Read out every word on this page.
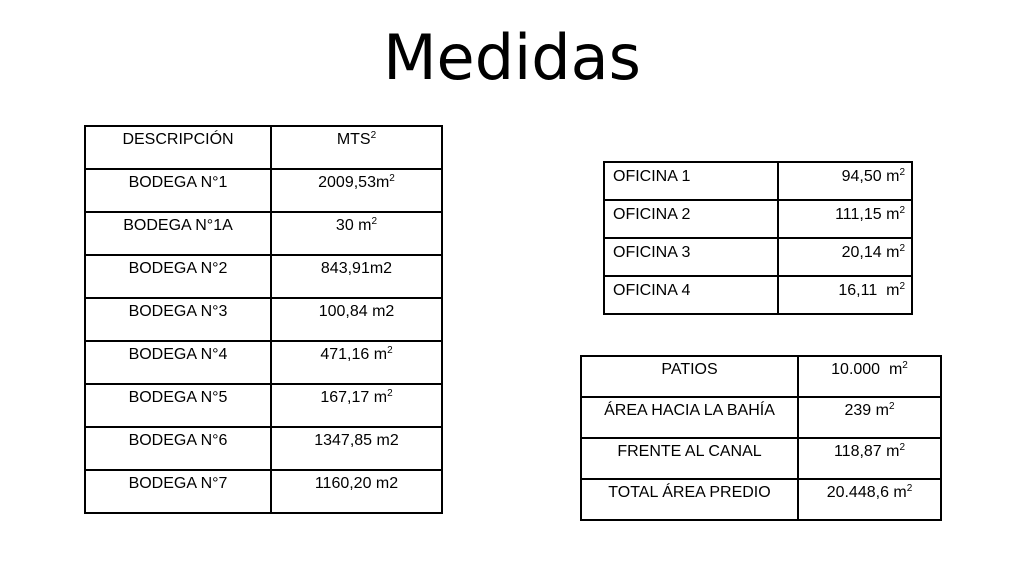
Medidas
DESCRIPCIÓN	MTS$^2$
BODEGA N°1	$2009,53m^2$
BODEGA N°1A	30 $m^2$
BODEGA N°2	843,91m2
BODEGA N°3	100,84 m2
BODEGA N°4	471,16 $m^2$
BODEGA N°5	167,17 $m^2$
BODEGA N°6	1347,85 m2
BODEGA N°7	1160,20 m2
OFICINA 1	94,50 $m^2$
OFICINA 2	111,15 $m^2$
OFICINA 3	20,14 $m^2$
OFICINA 4	16,11  $m^2$
PATIOS	10.000  $m^2$
ÁREA HACIA LA BAHÍA	239 $m^2$
FRENTE AL CANAL	118,87 $m^2$
TOTAL ÁREA PREDIO	20.448,6 $m^2$
